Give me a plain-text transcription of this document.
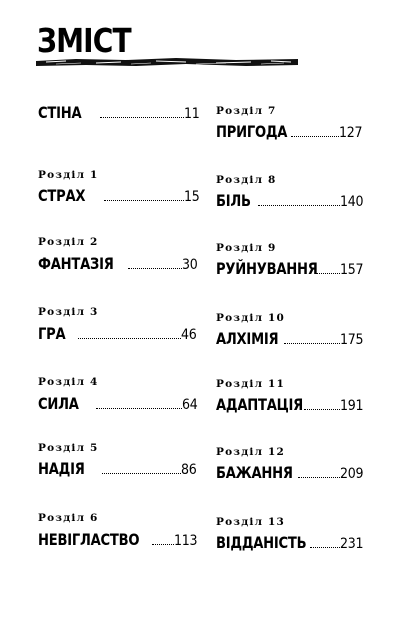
ЗМІСТ
СТІНА	11
Розділ 1
СТРАХ	15
Розділ 2
ФАНТАЗІЯ	30
Розділ 3
ГРА	46
Розділ 4
СИЛА	64
Розділ 5
НАДІЯ	86
Розділ 6
НЕВІГЛАСТВО 113
Розділ 7
ПРИГОДА	127
Розділ 8
БІЛЬ	140
Розділ 9
РУЙНУВАННЯ 157
Розділ 10
АЛХІМІЯ	175
Розділ 11
АДАПТАЦІЯ	191
Розділ 12
БАЖАННЯ	209
Розділ 13
ВІДДАНІСТЬ 231
